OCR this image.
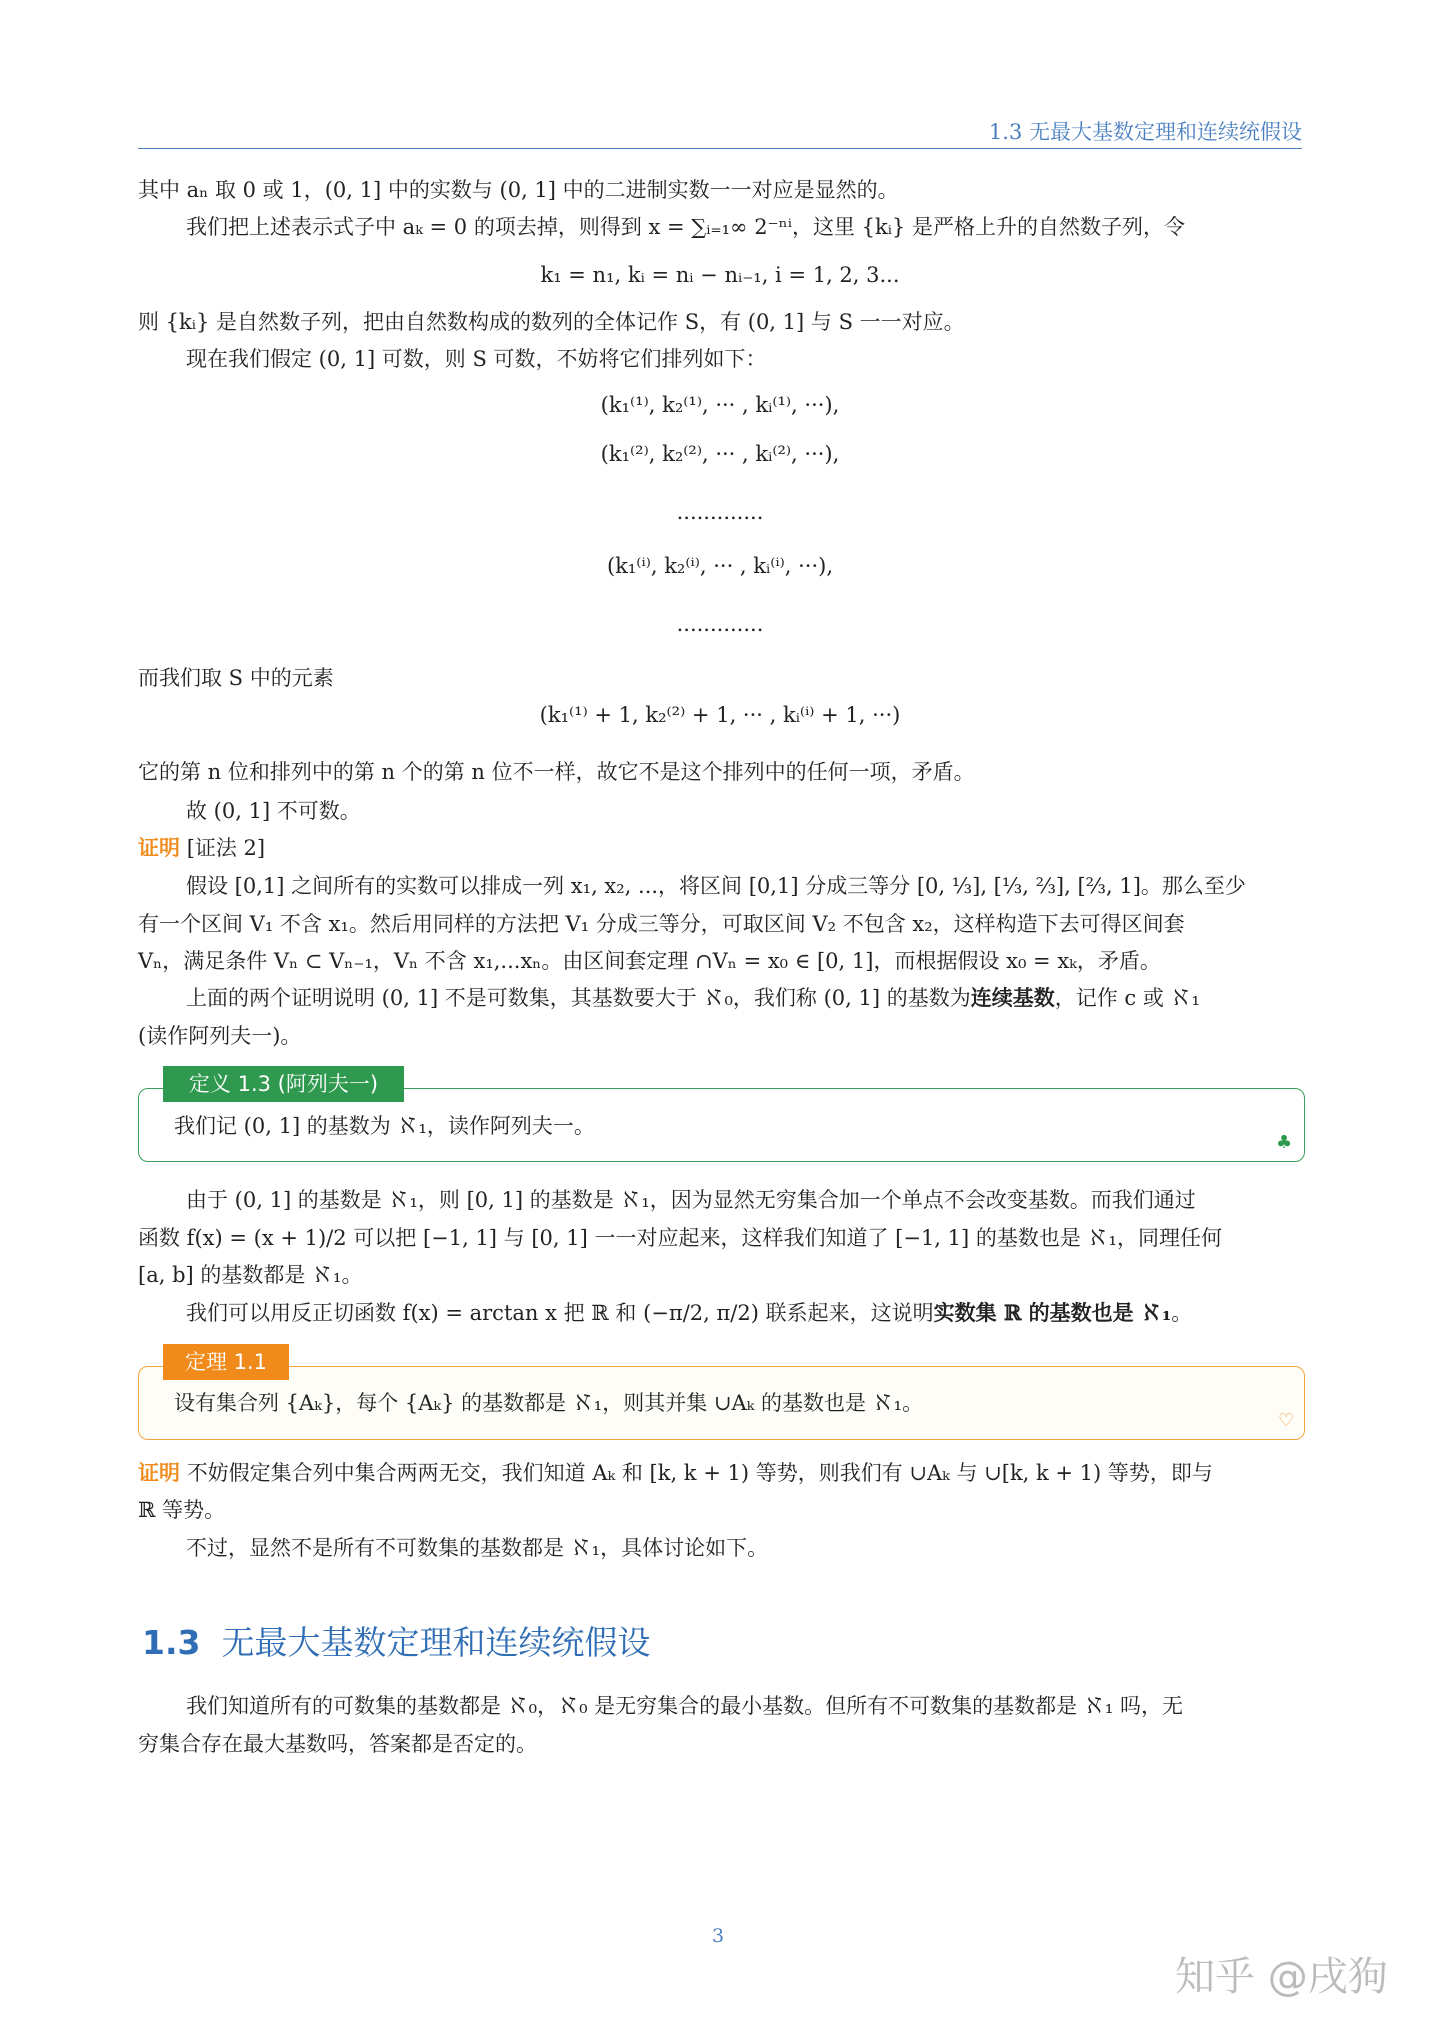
1.3 无最大基数定理和连续统假设
其中 aₙ 取 0 或 1，(0, 1] 中的实数与 (0, 1] 中的二进制实数一一对应是显然的。
我们把上述表示式子中 aₖ = 0 的项去掉，则得到 x = ∑ᵢ₌₁∞ 2⁻ⁿⁱ，这里 {kᵢ} 是严格上升的自然数子列，令
k₁ = n₁, kᵢ = nᵢ − nᵢ₋₁, i = 1, 2, 3...
则 {kᵢ} 是自然数子列，把由自然数构成的数列的全体记作 S，有 (0, 1] 与 S 一一对应。
现在我们假定 (0, 1] 可数，则 S 可数，不妨将它们排列如下：
(k₁⁽¹⁾, k₂⁽¹⁾, ··· , kᵢ⁽¹⁾, ···),
(k₁⁽²⁾, k₂⁽²⁾, ··· , kᵢ⁽²⁾, ···),
.............
(k₁⁽ⁱ⁾, k₂⁽ⁱ⁾, ··· , kᵢ⁽ⁱ⁾, ···),
.............
而我们取 S 中的元素
(k₁⁽¹⁾ + 1, k₂⁽²⁾ + 1, ··· , kᵢ⁽ⁱ⁾ + 1, ···)
它的第 n 位和排列中的第 n 个的第 n 位不一样，故它不是这个排列中的任何一项，矛盾。
故 (0, 1] 不可数。
证明 [证法 2]
假设 [0,1] 之间所有的实数可以排成一列 x₁, x₂, ...，将区间 [0,1] 分成三等分 [0, ⅓], [⅓, ⅔], [⅔, 1]。那么至少
有一个区间 V₁ 不含 x₁。然后用同样的方法把 V₁ 分成三等分，可取区间 V₂ 不包含 x₂，这样构造下去可得区间套
Vₙ，满足条件 Vₙ ⊂ Vₙ₋₁，Vₙ 不含 x₁,...xₙ。由区间套定理 ∩Vₙ = x₀ ∈ [0, 1]，而根据假设 x₀ = xₖ，矛盾。
上面的两个证明说明 (0, 1] 不是可数集，其基数要大于 ℵ₀，我们称 (0, 1] 的基数为连续基数，记作 c 或 ℵ₁
(读作阿列夫一)。
定义 1.3 (阿列夫一)
我们记 (0, 1] 的基数为 ℵ₁，读作阿列夫一。
♣
由于 (0, 1] 的基数是 ℵ₁，则 [0, 1] 的基数是 ℵ₁，因为显然无穷集合加一个单点不会改变基数。而我们通过
函数 f(x) = (x + 1)/2 可以把 [−1, 1] 与 [0, 1] 一一对应起来，这样我们知道了 [−1, 1] 的基数也是 ℵ₁，同理任何
[a, b] 的基数都是 ℵ₁。
我们可以用反正切函数 f(x) = arctan x 把 ℝ 和 (−π/2, π/2) 联系起来，这说明实数集 ℝ 的基数也是 ℵ₁。
定理 1.1
设有集合列 {Aₖ}，每个 {Aₖ} 的基数都是 ℵ₁，则其并集 ∪Aₖ 的基数也是 ℵ₁。
♡
证明 不妨假定集合列中集合两两无交，我们知道 Aₖ 和 [k, k + 1) 等势，则我们有 ∪Aₖ 与 ∪[k, k + 1) 等势，即与
ℝ 等势。
不过，显然不是所有不可数集的基数都是 ℵ₁，具体讨论如下。
1.3 无最大基数定理和连续统假设
我们知道所有的可数集的基数都是 ℵ₀，ℵ₀ 是无穷集合的最小基数。但所有不可数集的基数都是 ℵ₁ 吗，无
穷集合存在最大基数吗，答案都是否定的。
3
知乎 @戌狗
